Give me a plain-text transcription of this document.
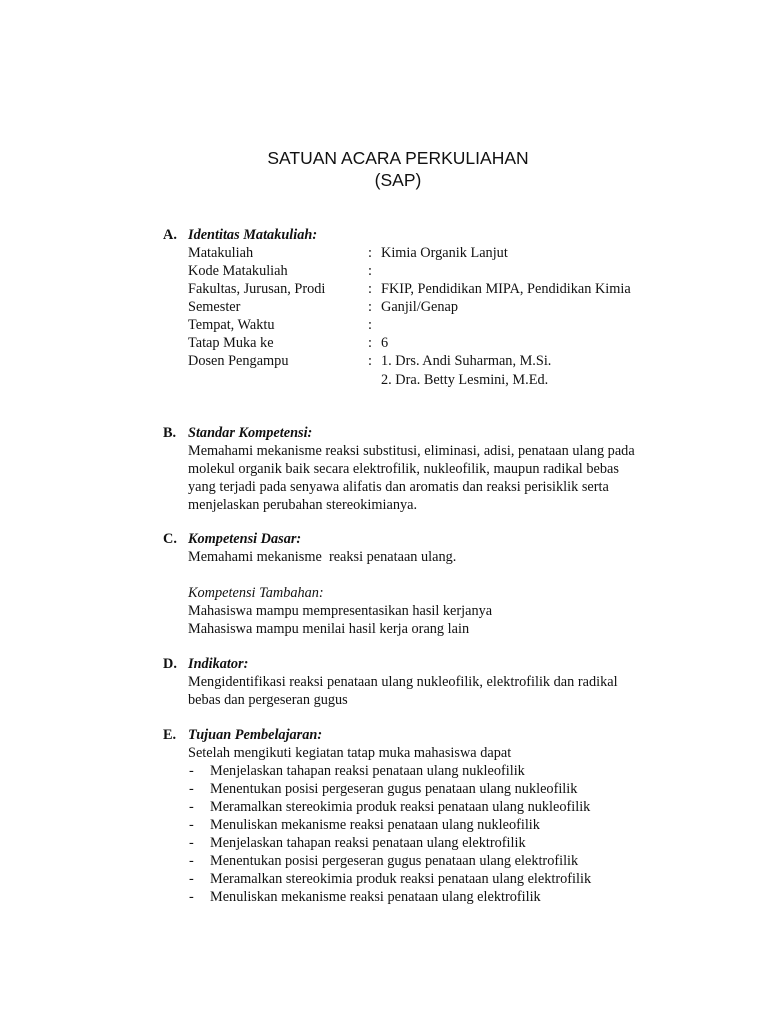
SATUAN ACARA PERKULIAHAN
(SAP)
A. Identitas Matakuliah:
Matakuliah	: Kimia Organik Lanjut
Kode Matakuliah	:
Fakultas, Jurusan, Prodi	: FKIP, Pendidikan MIPA, Pendidikan Kimia
Semester	: Ganjil/Genap
Tempat, Waktu	:
Tatap Muka ke	: 6
Dosen Pengampu	: 1. Drs. Andi Suharman, M.Si.
2. Dra. Betty Lesmini, M.Ed.
B. Standar Kompetensi:
Memahami mekanisme reaksi substitusi, eliminasi, adisi, penataan ulang pada
molekul organik baik secara elektrofilik, nukleofilik, maupun radikal bebas
yang terjadi pada senyawa alifatis dan aromatis dan reaksi perisiklik serta
menjelaskan perubahan stereokimianya.
C. Kompetensi Dasar:
Memahami mekanisme  reaksi penataan ulang.
Kompetensi Tambahan:
Mahasiswa mampu mempresentasikan hasil kerjanya
Mahasiswa mampu menilai hasil kerja orang lain
D. Indikator:
Mengidentifikasi reaksi penataan ulang nukleofilik, elektrofilik dan radikal
bebas dan pergeseran gugus
E. Tujuan Pembelajaran:
Setelah mengikuti kegiatan tatap muka mahasiswa dapat
- Menjelaskan tahapan reaksi penataan ulang nukleofilik
- Menentukan posisi pergeseran gugus penataan ulang nukleofilik
- Meramalkan stereokimia produk reaksi penataan ulang nukleofilik
- Menuliskan mekanisme reaksi penataan ulang nukleofilik
- Menjelaskan tahapan reaksi penataan ulang elektrofilik
- Menentukan posisi pergeseran gugus penataan ulang elektrofilik
- Meramalkan stereokimia produk reaksi penataan ulang elektrofilik
- Menuliskan mekanisme reaksi penataan ulang elektrofilik
